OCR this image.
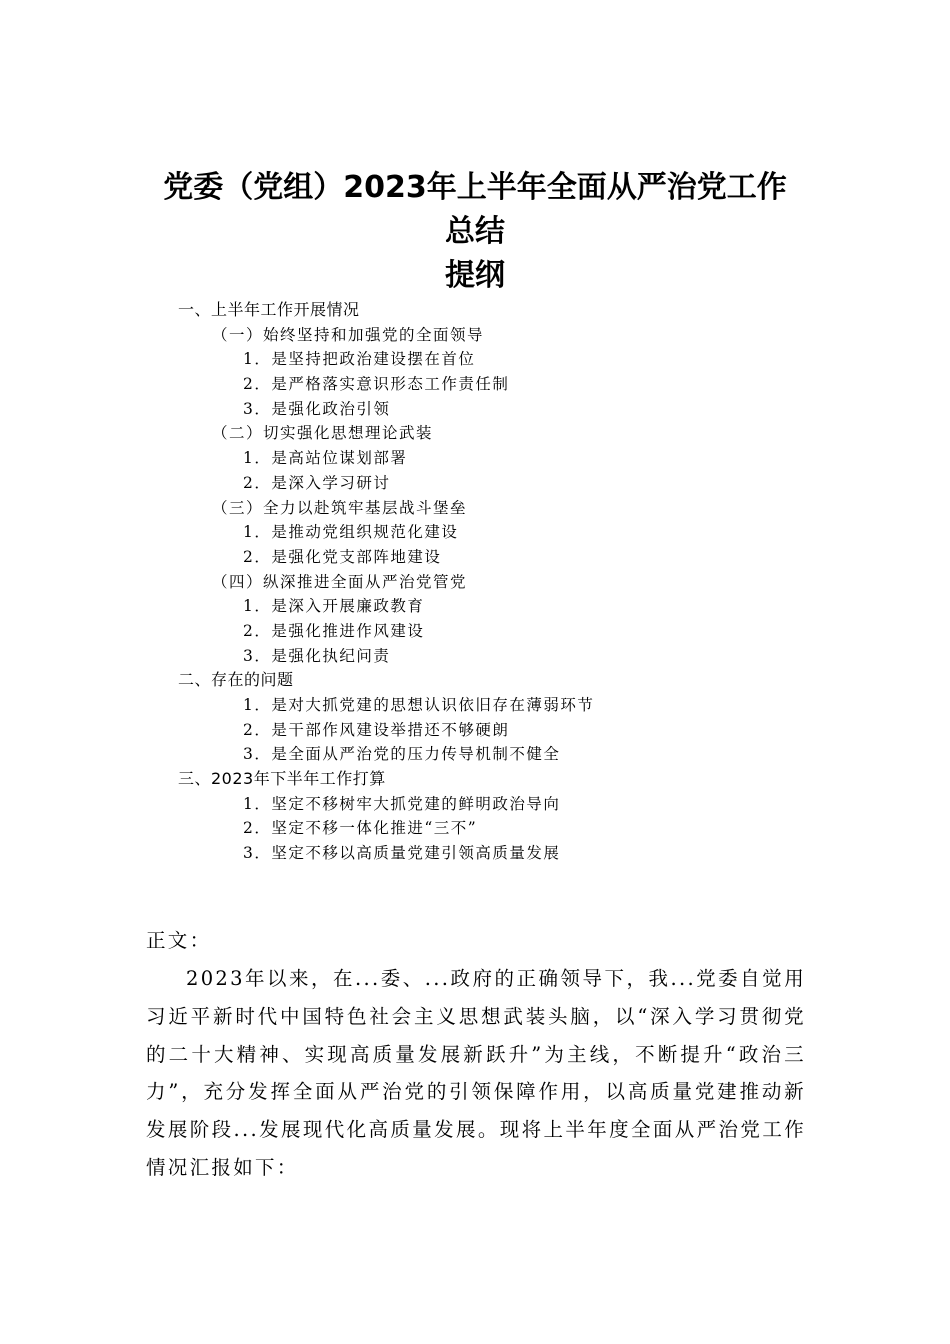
党委（党组）2023年上半年全面从严治党工作
总结
提纲
一、上半年工作开展情况
（一）始终坚持和加强党的全面领导
1．是坚持把政治建设摆在首位
2．是严格落实意识形态工作责任制
3．是强化政治引领
（二）切实强化思想理论武装
1．是高站位谋划部署
2．是深入学习研讨
（三）全力以赴筑牢基层战斗堡垒
1．是推动党组织规范化建设
2．是强化党支部阵地建设
（四）纵深推进全面从严治党管党
1．是深入开展廉政教育
2．是强化推进作风建设
3．是强化执纪问责
二、存在的问题
1．是对大抓党建的思想认识依旧存在薄弱环节
2．是干部作风建设举措还不够硬朗
3．是全面从严治党的压力传导机制不健全
三、2023年下半年工作打算
1．坚定不移树牢大抓党建的鲜明政治导向
2．坚定不移一体化推进“三不”
3．坚定不移以高质量党建引领高质量发展
正文：
2023年以来，在...委、...政府的正确领导下，我...党委自觉用习近平新时代中国特色社会主义思想武装头脑，以“深入学习贯彻党的二十大精神、实现高质量发展新跃升”为主线，不断提升“政治三力”，充分发挥全面从严治党的引领保障作用，以高质量党建推动新发展阶段...发展现代化高质量发展。现将上半年度全面从严治党工作情况汇报如下：
